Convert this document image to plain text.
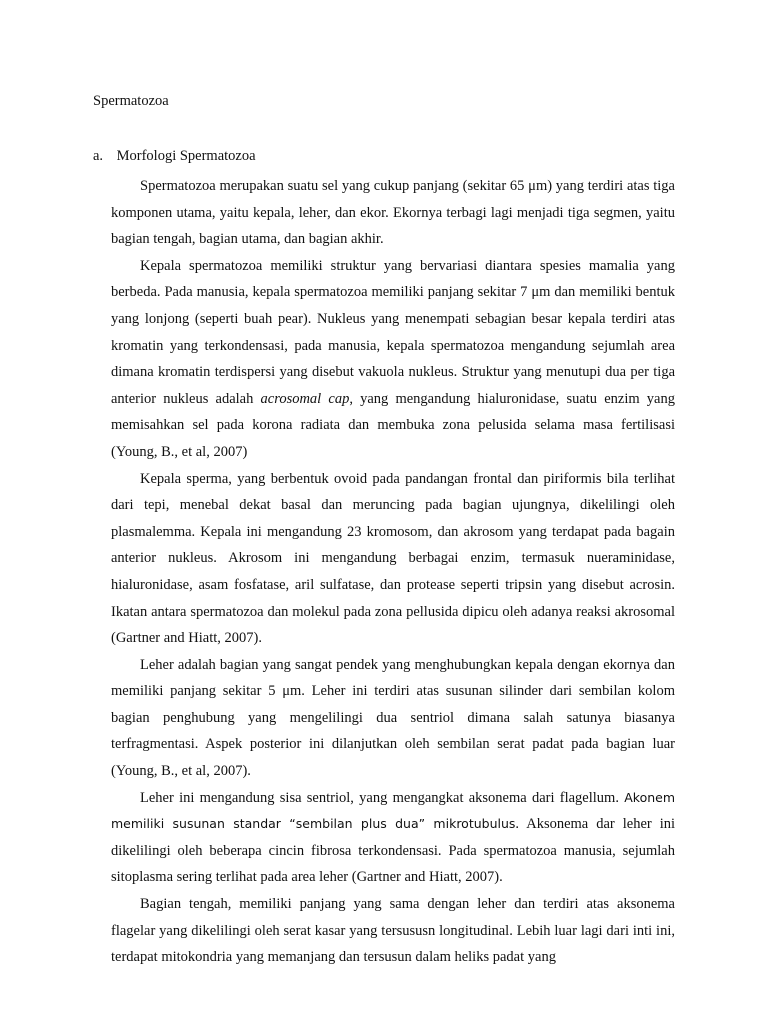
Spermatozoa
a. Morfologi Spermatozoa

Spermatozoa merupakan suatu sel yang cukup panjang (sekitar 65 μm) yang terdiri atas tiga komponen utama, yaitu kepala, leher, dan ekor. Ekornya terbagi lagi menjadi tiga segmen, yaitu bagian tengah, bagian utama, dan bagian akhir.

Kepala spermatozoa memiliki struktur yang bervariasi diantara spesies mamalia yang berbeda. Pada manusia, kepala spermatozoa memiliki panjang sekitar 7 μm dan memiliki bentuk yang lonjong (seperti buah pear). Nukleus yang menempati sebagian besar kepala terdiri atas kromatin yang terkondensasi, pada manusia, kepala spermatozoa mengandung sejumlah area dimana kromatin terdispersi yang disebut vakuola nukleus. Struktur yang menutupi dua per tiga anterior nukleus adalah acrosomal cap, yang mengandung hialuronidase, suatu enzim yang memisahkan sel pada korona radiata dan membuka zona pelusida selama masa fertilisasi (Young, B., et al, 2007)

Kepala sperma, yang berbentuk ovoid pada pandangan frontal dan piriformis bila terlihat dari tepi, menebal dekat basal dan meruncing pada bagian ujungnya, dikelilingi oleh plasmalemma. Kepala ini mengandung 23 kromosom, dan akrosom yang terdapat pada bagain anterior nukleus. Akrosom ini mengandung berbagai enzim, termasuk nueraminidase, hialuronidase, asam fosfatase, aril sulfatase, dan protease seperti tripsin yang disebut acrosin. Ikatan antara spermatozoa dan molekul pada zona pellusida dipicu oleh adanya reaksi akrosomal (Gartner and Hiatt, 2007).

Leher adalah bagian yang sangat pendek yang menghubungkan kepala dengan ekornya dan memiliki panjang sekitar 5 μm. Leher ini terdiri atas susunan silinder dari sembilan kolom bagian penghubung yang mengelilingi dua sentriol dimana salah satunya biasanya terfragmentasi. Aspek posterior ini dilanjutkan oleh sembilan serat padat pada bagian luar (Young, B., et al, 2007).

Leher ini mengandung sisa sentriol, yang mengangkat aksonema dari flagellum. Akonem memiliki susunan standar “sembilan plus dua” mikrotubulus. Aksonema dar leher ini dikelilingi oleh beberapa cincin fibrosa terkondensasi. Pada spermatozoa manusia, sejumlah sitoplasma sering terlihat pada area leher (Gartner and Hiatt, 2007).

Bagian tengah, memiliki panjang yang sama dengan leher dan terdiri atas aksonema flagelar yang dikelilingi oleh serat kasar yang tersususn longitudinal. Lebih luar lagi dari inti ini, terdapat mitokondria yang memanjang dan tersusun dalam heliks padat yang
